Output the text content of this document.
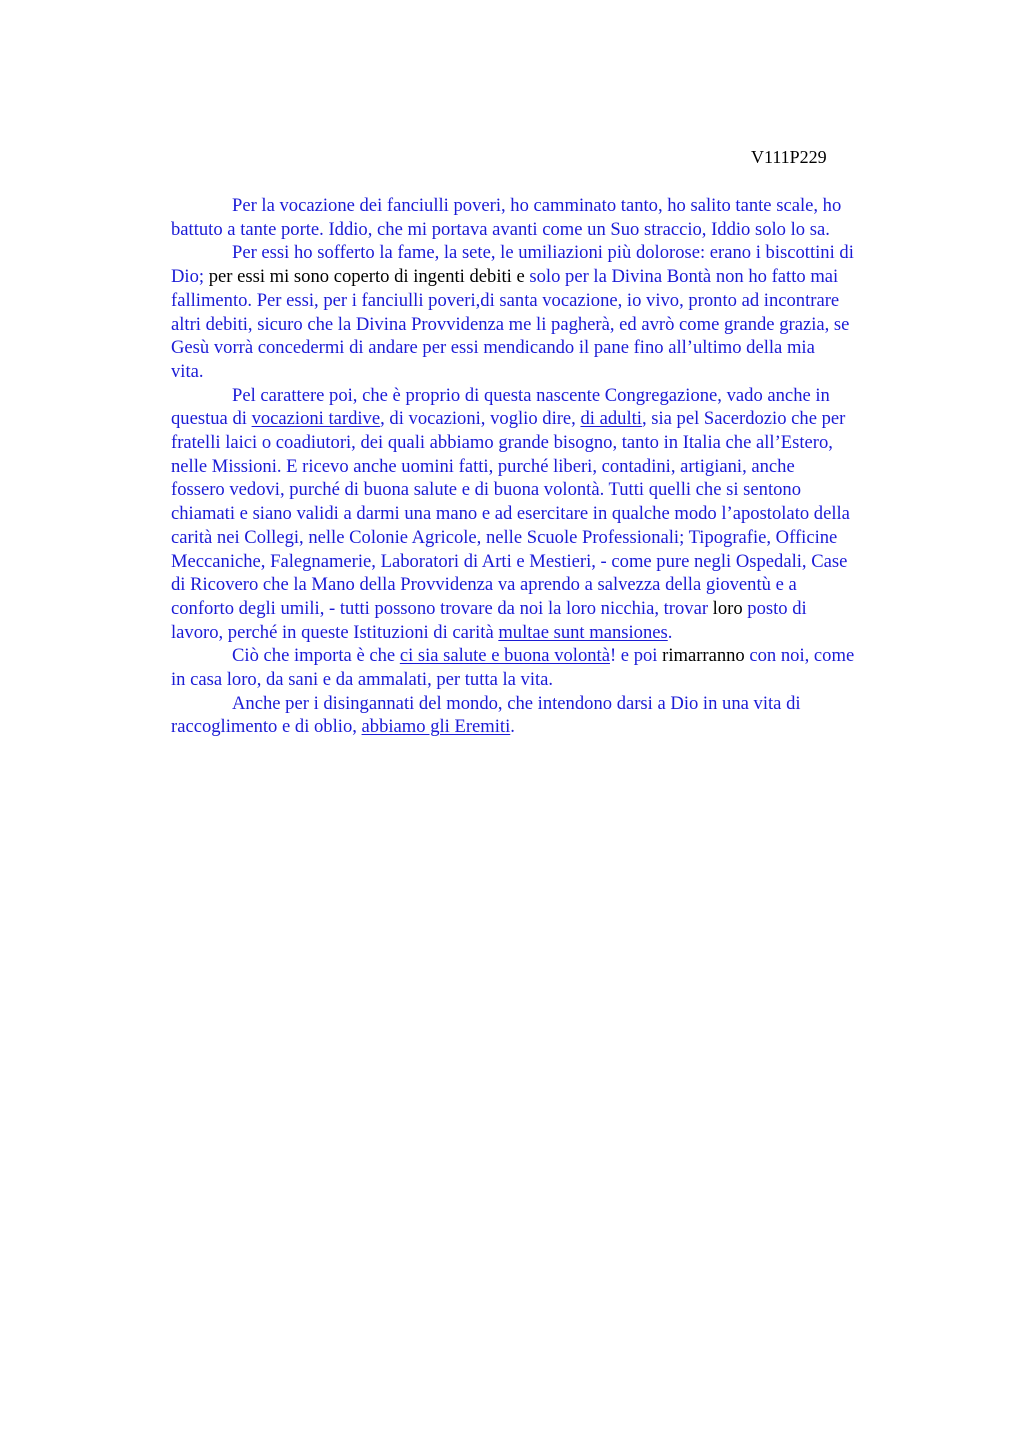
V111P229

Per la vocazione dei fanciulli poveri, ho camminato tanto, ho salito tante scale, ho
battuto a tante porte. Iddio, che mi portava avanti come un Suo straccio, Iddio solo lo sa.

Per essi ho sofferto la fame, la sete, le umiliazioni più dolorose: erano i biscottini di
Dio; per essi mi sono coperto di ingenti debiti e solo per la Divina Bontà non ho fatto mai
fallimento. Per essi, per i fanciulli poveri,di santa vocazione, io vivo, pronto ad incontrare
altri debiti, sicuro che la Divina Provvidenza me li pagherà, ed avrò come grande grazia, se
Gesù vorrà concedermi di andare per essi mendicando il pane fino all’ultimo della mia
vita.

Pel carattere poi, che è proprio di questa nascente Congregazione, vado anche in
questua di vocazioni tardive, di vocazioni, voglio dire, di adulti, sia pel Sacerdozio che per
fratelli laici o coadiutori, dei quali abbiamo grande bisogno, tanto in Italia che all’Estero,
nelle Missioni. E ricevo anche uomini fatti, purché liberi, contadini, artigiani, anche
fossero vedovi, purché di buona salute e di buona volontà. Tutti quelli che si sentono
chiamati e siano validi a darmi una mano e ad esercitare in qualche modo l’apostolato della
carità nei Collegi, nelle Colonie Agricole, nelle Scuole Professionali; Tipografie, Officine
Meccaniche, Falegnamerie, Laboratori di Arti e Mestieri, - come pure negli Ospedali, Case
di Ricovero che la Mano della Provvidenza va aprendo a salvezza della gioventù e a
conforto degli umili, - tutti possono trovare da noi la loro nicchia, trovar loro posto di
lavoro, perché in queste Istituzioni di carità multae sunt mansiones.

Ciò che importa è che ci sia salute e buona volontà! e poi rimarranno con noi, come
in casa loro, da sani e da ammalati, per tutta la vita.

Anche per i disingannati del mondo, che intendono darsi a Dio in una vita di
raccoglimento e di oblio, abbiamo gli Eremiti.
